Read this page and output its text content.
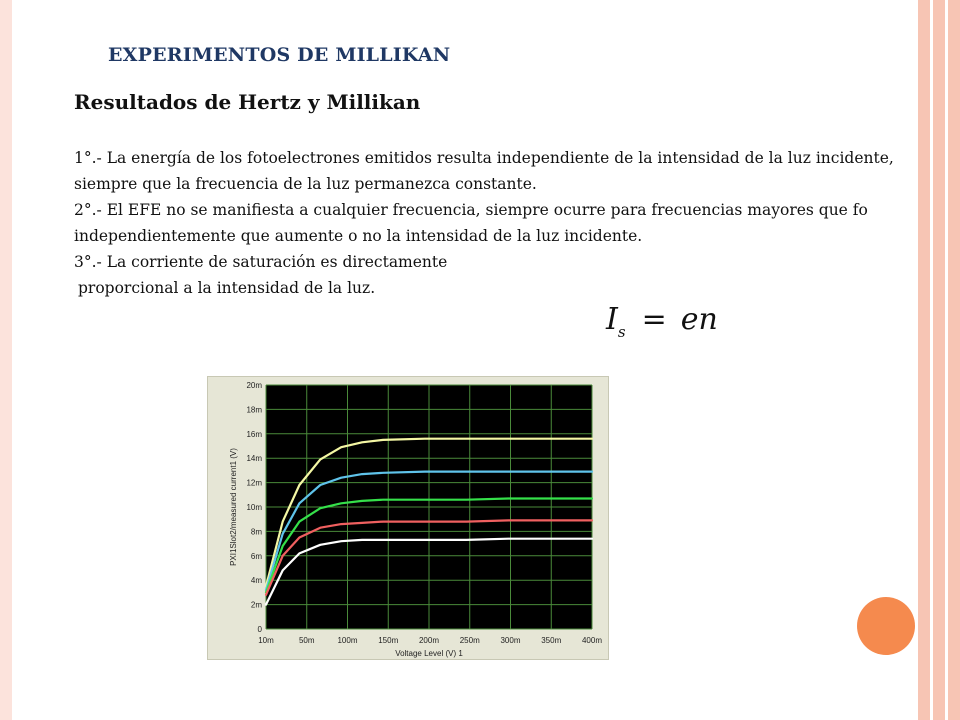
EXPERIMENTOS DE MILLIKAN
Resultados de Hertz y Millikan

1°.- La energía de los fotoelectrones emitidos resulta independiente de la intensidad de la luz incidente, siempre que la frecuencia de la luz permanezca constante.

2°.- El EFE no se manifiesta a cualquier frecuencia, siempre ocurre para frecuencias mayores que fo independientemente que aumente o no la intensidad de la luz incidente.

3°.- La corriente de saturación es directamente

proporcional a la intensidad de la luz.

$I_s$ = en
10m	50m	100m	150m	200m	250m	300m	350m	400m
0
2m
4m
6m
8m
10m
12m
14m
16m
18m
20m
Voltage Level (V) 1
PXI1Slot2/measured current1 (V)
